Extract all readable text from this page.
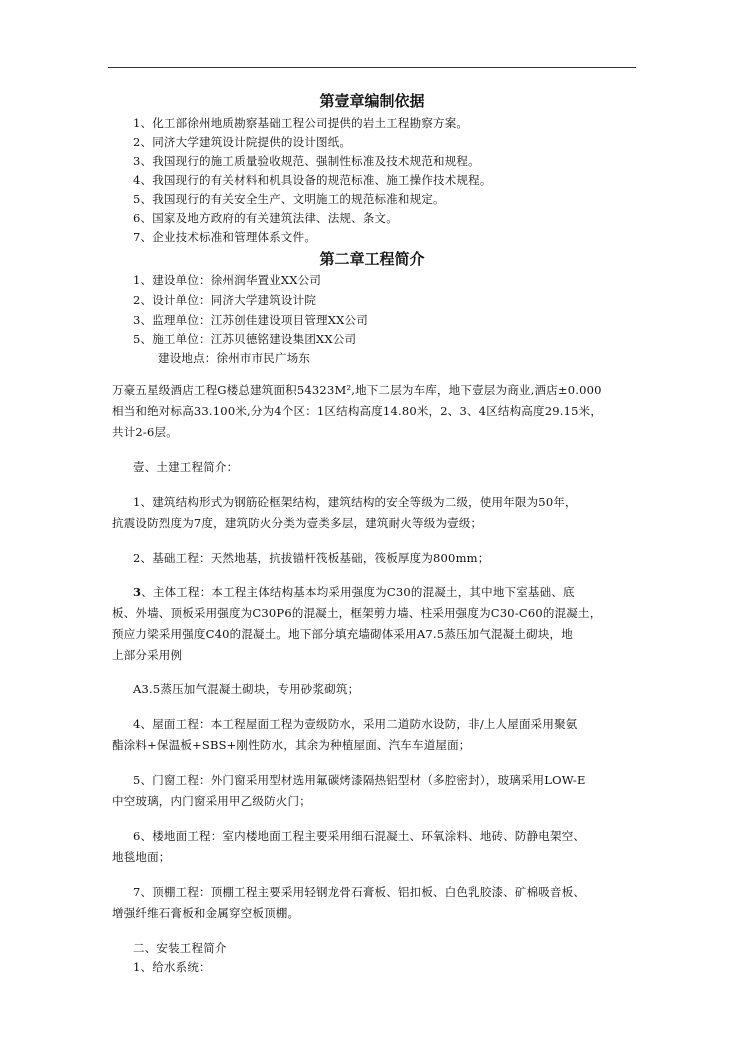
第壹章编制依据
1、化工部徐州地质勘察基础工程公司提供的岩土工程勘察方案。
2、同济大学建筑设计院提供的设计图纸。
3、我国现行的施工质量验收规范、强制性标准及技术规范和规程。
4、我国现行的有关材料和机具设备的规范标准、施工操作技术规程。
5、我国现行的有关安全生产、文明施工的规范标准和规定。
6、国家及地方政府的有关建筑法律、法规、条文。
7、企业技术标准和管理体系文件。
第二章工程简介
1、建设单位：徐州润华置业XX公司
2、设计单位：同济大学建筑设计院
3、监理单位：江苏创佳建设项目管理XX公司
5、施工单位：江苏贝德铭建设集团XX公司
建设地点：徐州市市民广场东
万豪五星级酒店工程G楼总建筑面积54323M²,地下二层为车库，地下壹层为商业,酒店±0.000
相当和绝对标高33.100米,分为4个区：1区结构高度14.80米，2、3、4区结构高度29.15米，
共计2-6层。
壹、土建工程简介：
1、建筑结构形式为钢筋砼框架结构，建筑结构的安全等级为二级，使用年限为50年，
抗震设防烈度为7度，建筑防火分类为壹类多层，建筑耐火等级为壹级；
2、基础工程：天然地基，抗拔锚杆筏板基础，筏板厚度为800mm；
3、主体工程：本工程主体结构基本均采用强度为C30的混凝土，其中地下室基础、底
板、外墙、顶板采用强度为C30P6的混凝土，框架剪力墙、柱采用强度为C30-C60的混凝土，
预应力梁采用强度C40的混凝土。地下部分填充墙砌体采用A7.5蒸压加气混凝土砌块，地
上部分采用例
A3.5蒸压加气混凝土砌块，专用砂浆砌筑；
4、屋面工程：本工程屋面工程为壹级防水，采用二道防水设防，非/上人屋面采用聚氨
酯涂料+保温板+SBS+刚性防水，其余为种植屋面、汽车车道屋面；
5、门窗工程：外门窗采用型材选用氟碳烤漆隔热铝型材（多腔密封），玻璃采用LOW-E
中空玻璃，内门窗采用甲乙级防火门；
6、楼地面工程：室内楼地面工程主要采用细石混凝土、环氧涂料、地砖、防静电架空、
地毯地面；
7、顶棚工程：顶棚工程主要采用轻钢龙骨石膏板、铝扣板、白色乳胶漆、矿棉吸音板、
增强纤维石膏板和金属穿空板顶棚。
二、安装工程简介
1、给水系统：
